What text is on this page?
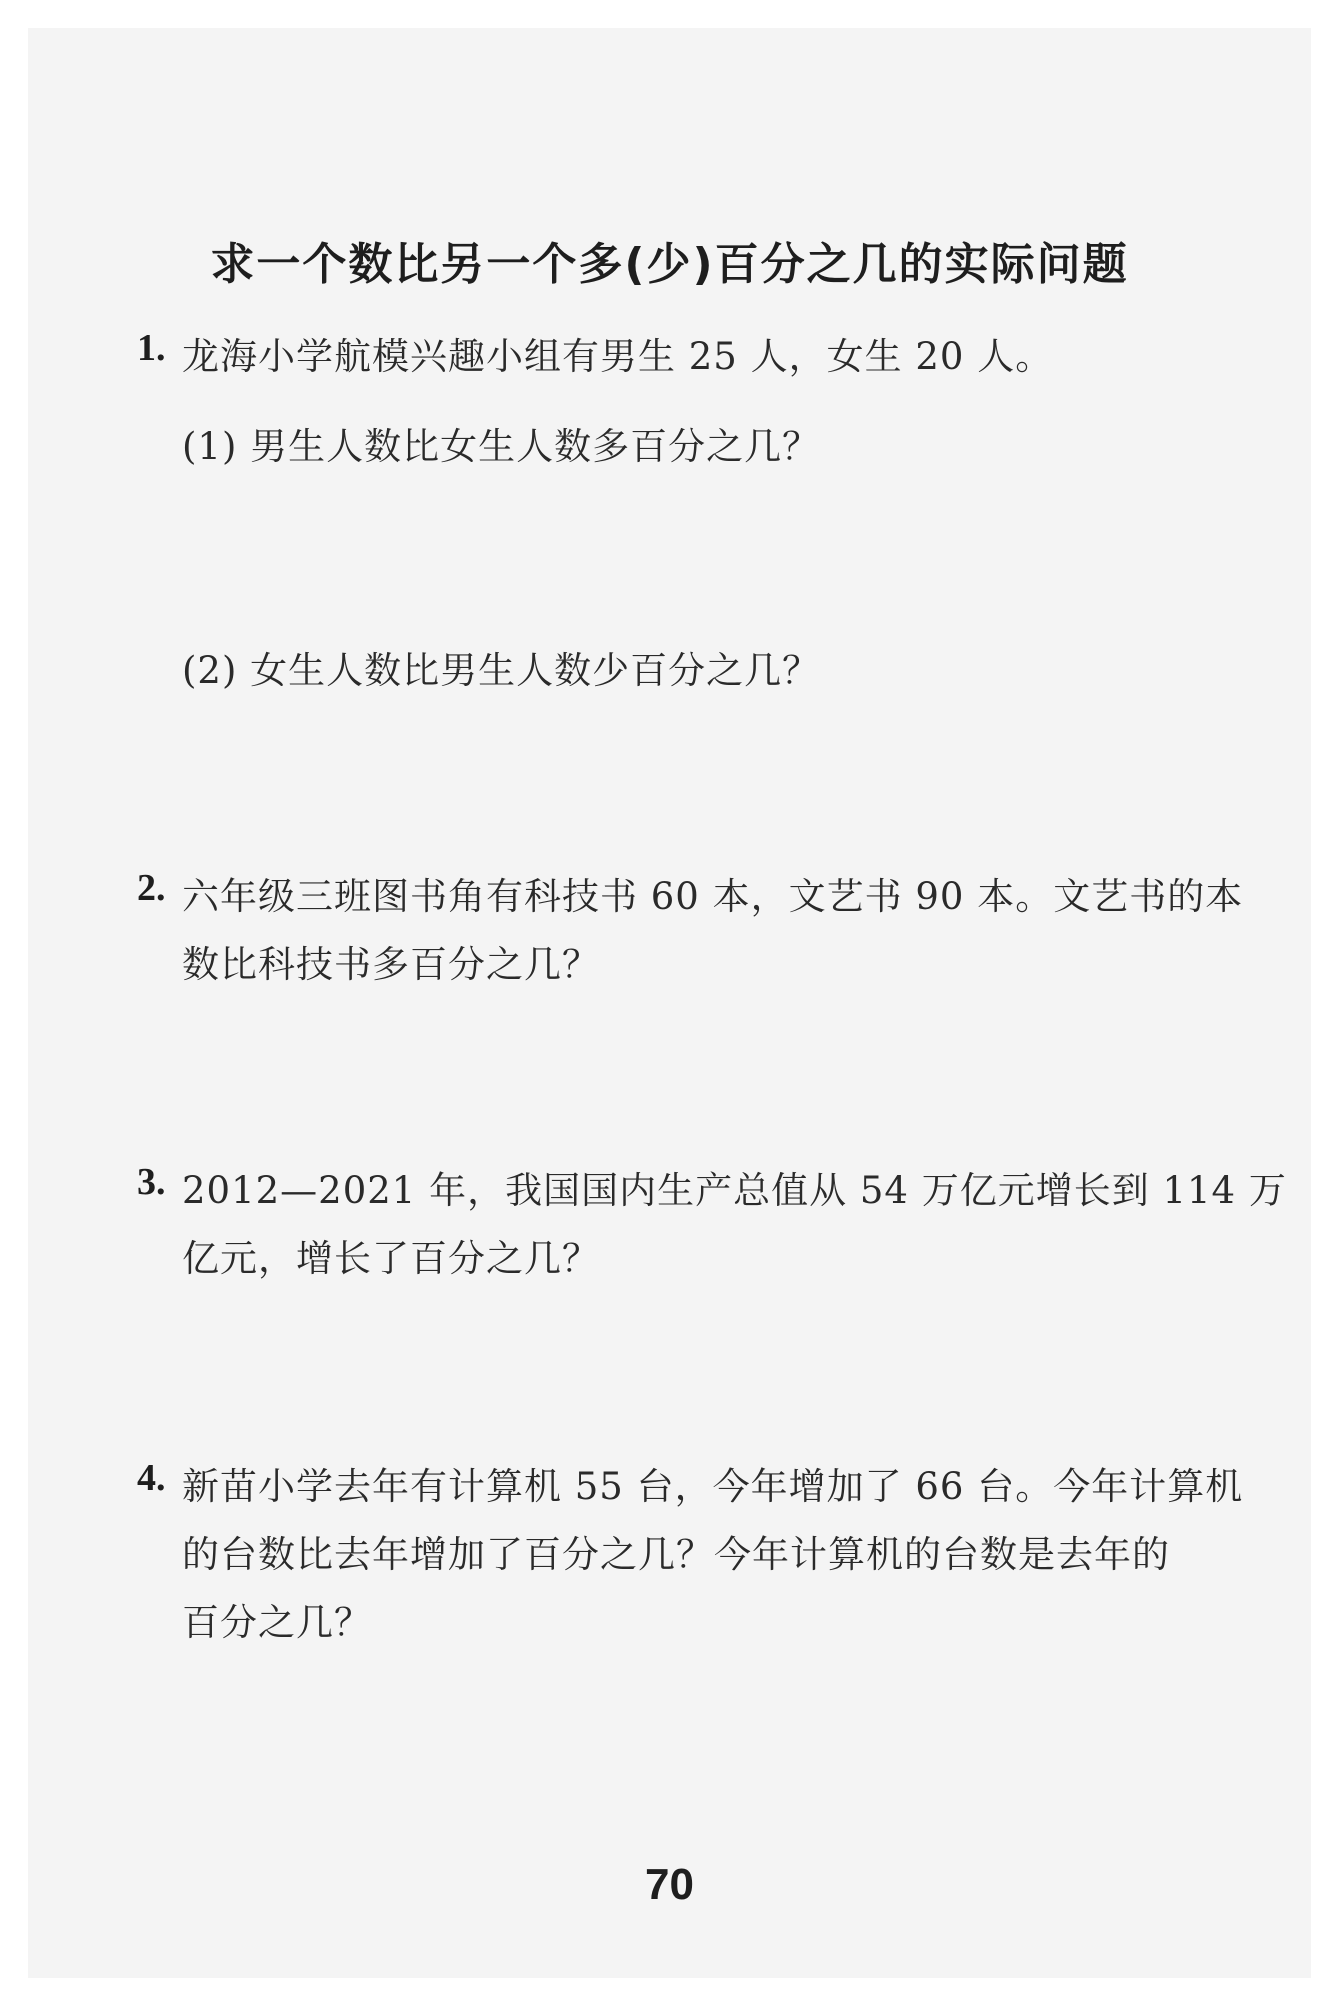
求一个数比另一个多(少)百分之几的实际问题
1. 龙海小学航模兴趣小组有男生 25 人，女生 20 人。
(1) 男生人数比女生人数多百分之几？
(2) 女生人数比男生人数少百分之几？
2. 六年级三班图书角有科技书 60 本，文艺书 90 本。文艺书的本
数比科技书多百分之几？
3. 2012—2021 年，我国国内生产总值从 54 万亿元增长到 114 万
亿元，增长了百分之几？
4. 新苗小学去年有计算机 55 台，今年增加了 66 台。今年计算机
的台数比去年增加了百分之几？今年计算机的台数是去年的
百分之几？
70
